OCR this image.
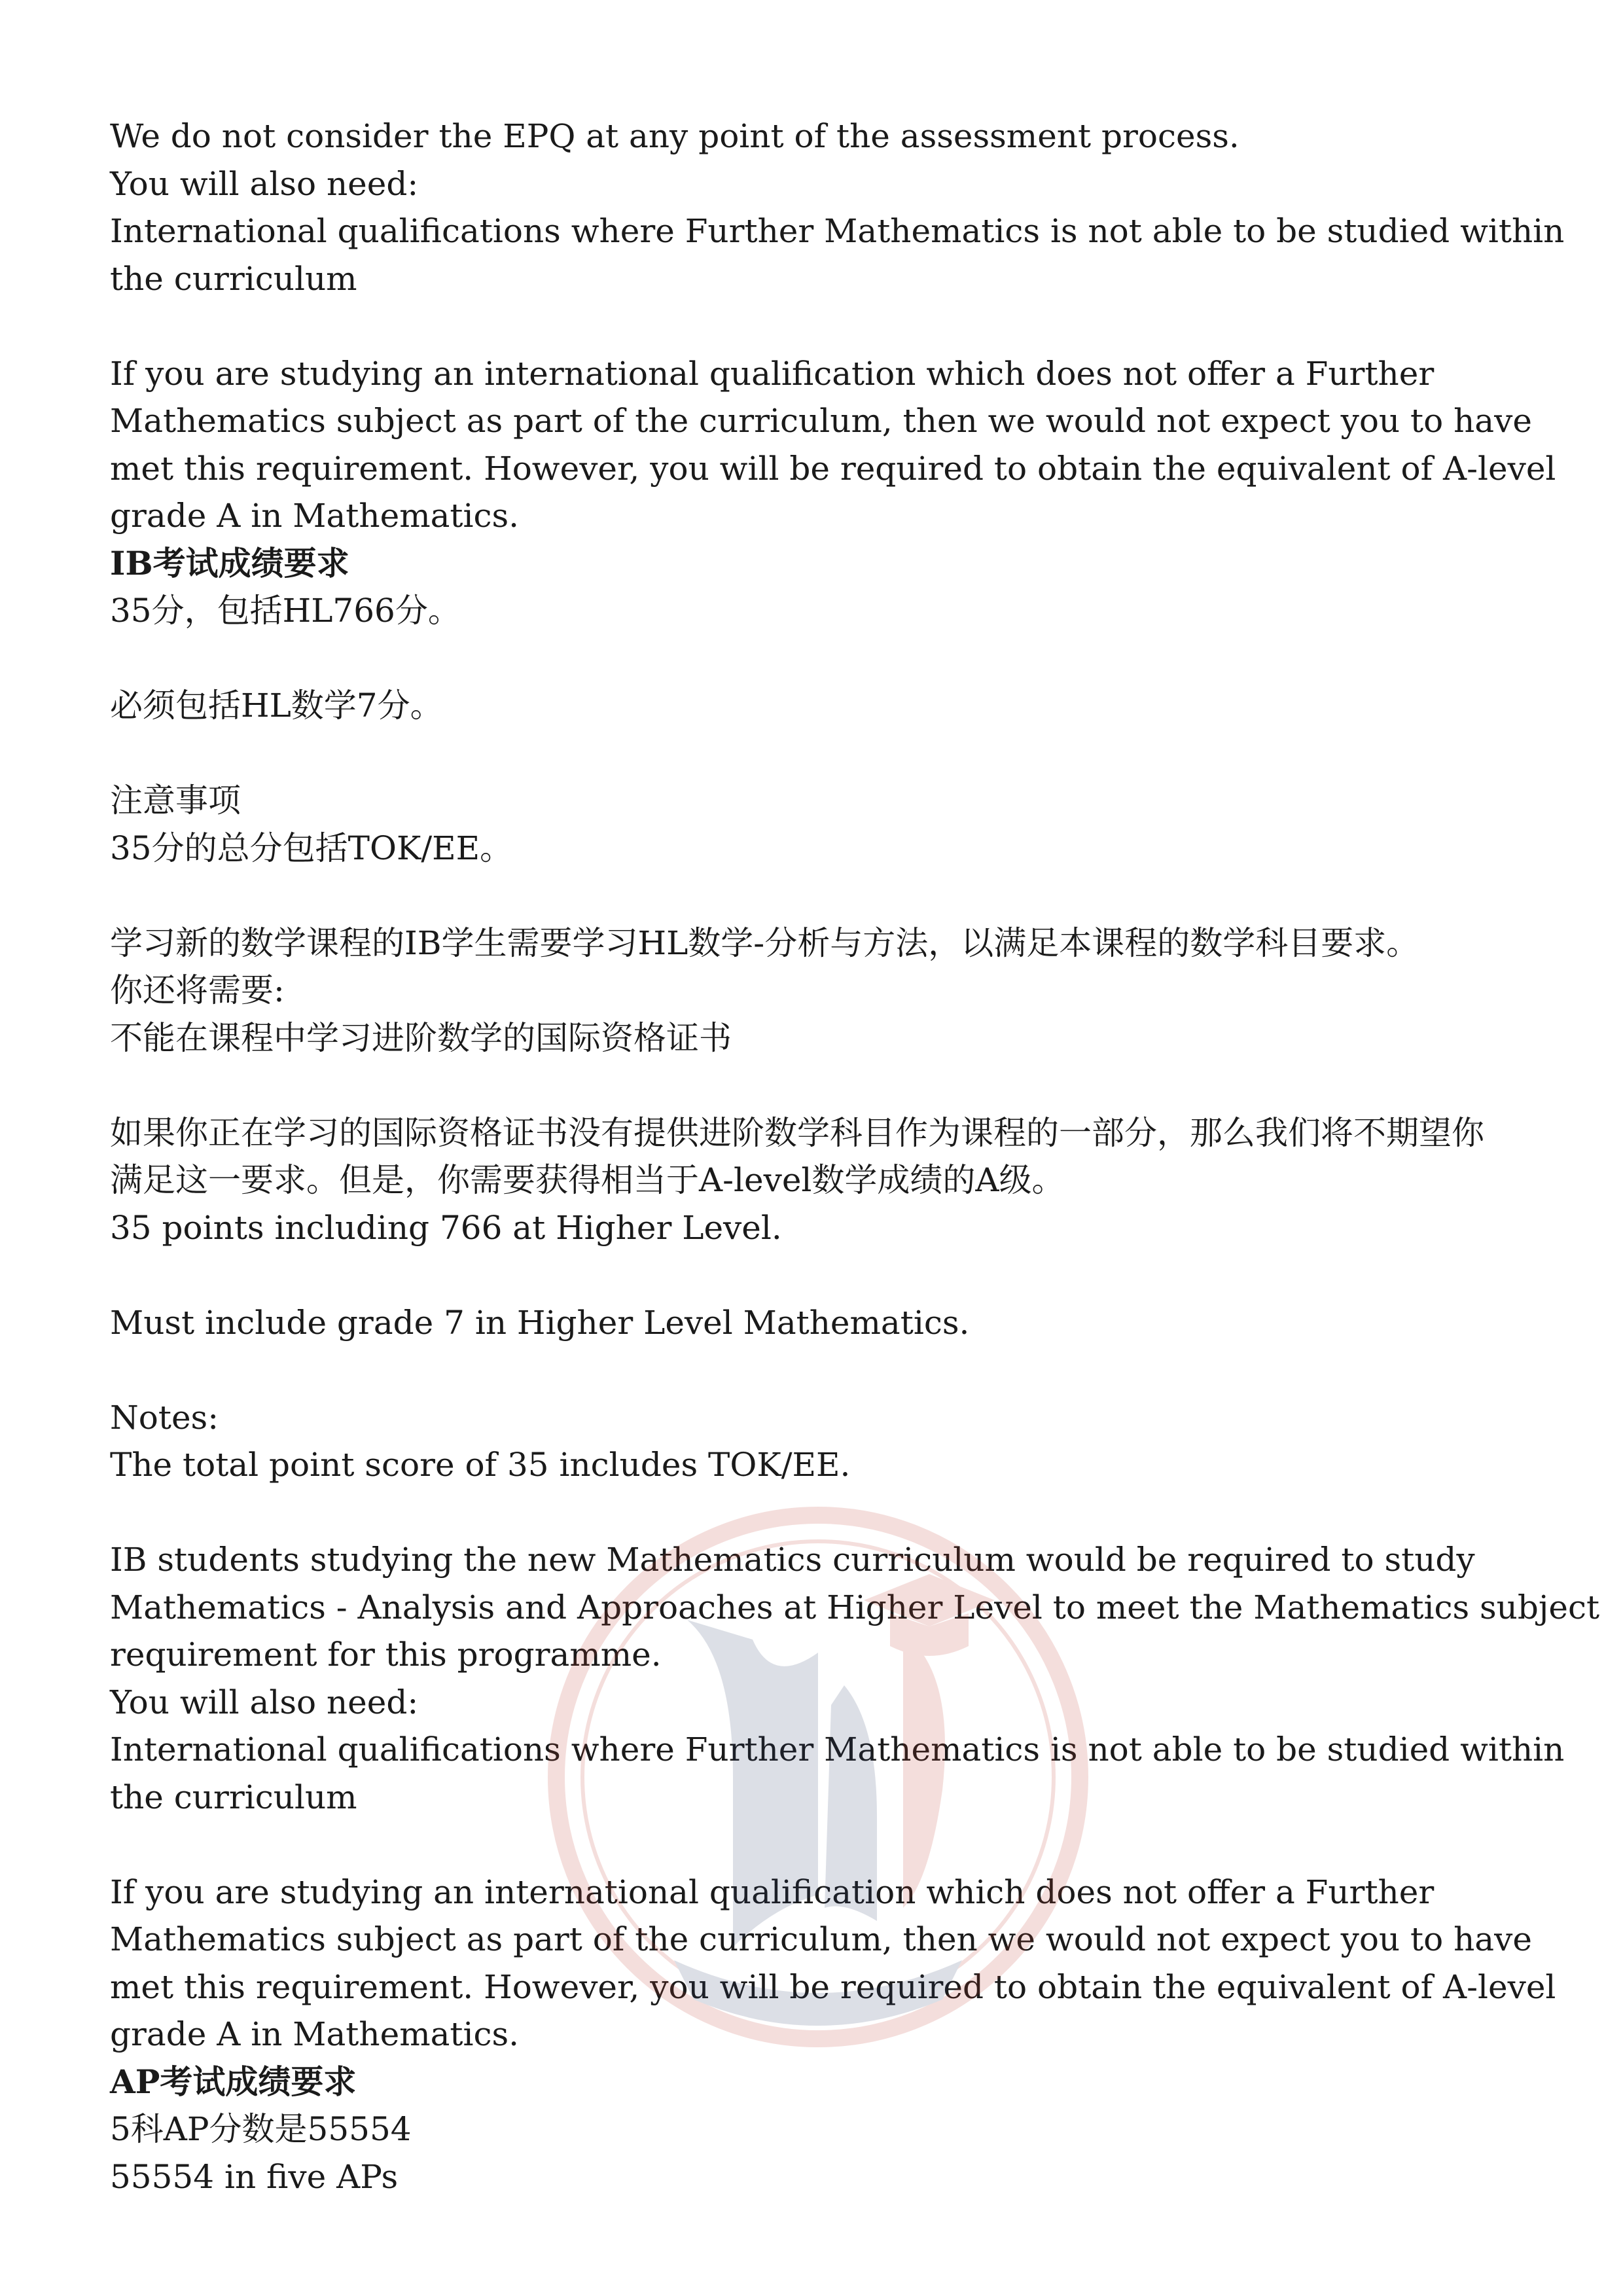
We do not consider the EPQ at any point of the assessment process.
You will also need:
International qualifications where Further Mathematics is not able to be studied within
the curriculum
If you are studying an international qualification which does not offer a Further
Mathematics subject as part of the curriculum, then we would not expect you to have
met this requirement. However, you will be required to obtain the equivalent of A-level
grade A in Mathematics.
IB考试成绩要求
35分，包括HL766分。
必须包括HL数学7分。
注意事项
35分的总分包括TOK/EE。
学习新的数学课程的IB学生需要学习HL数学-分析与方法，以满足本课程的数学科目要求。
你还将需要:
不能在课程中学习进阶数学的国际资格证书
如果你正在学习的国际资格证书没有提供进阶数学科目作为课程的一部分，那么我们将不期望你
满足这一要求。但是，你需要获得相当于A-level数学成绩的A级。
35 points including 766 at Higher Level.
Must include grade 7 in Higher Level Mathematics.
Notes:
The total point score of 35 includes TOK/EE.
IB students studying the new Mathematics curriculum would be required to study
Mathematics - Analysis and Approaches at Higher Level to meet the Mathematics subject
requirement for this programme.
You will also need:
International qualifications where Further Mathematics is not able to be studied within
the curriculum
If you are studying an international qualification which does not offer a Further
Mathematics subject as part of the curriculum, then we would not expect you to have
met this requirement. However, you will be required to obtain the equivalent of A-level
grade A in Mathematics.
AP考试成绩要求
5科AP分数是55554
55554 in five APs
